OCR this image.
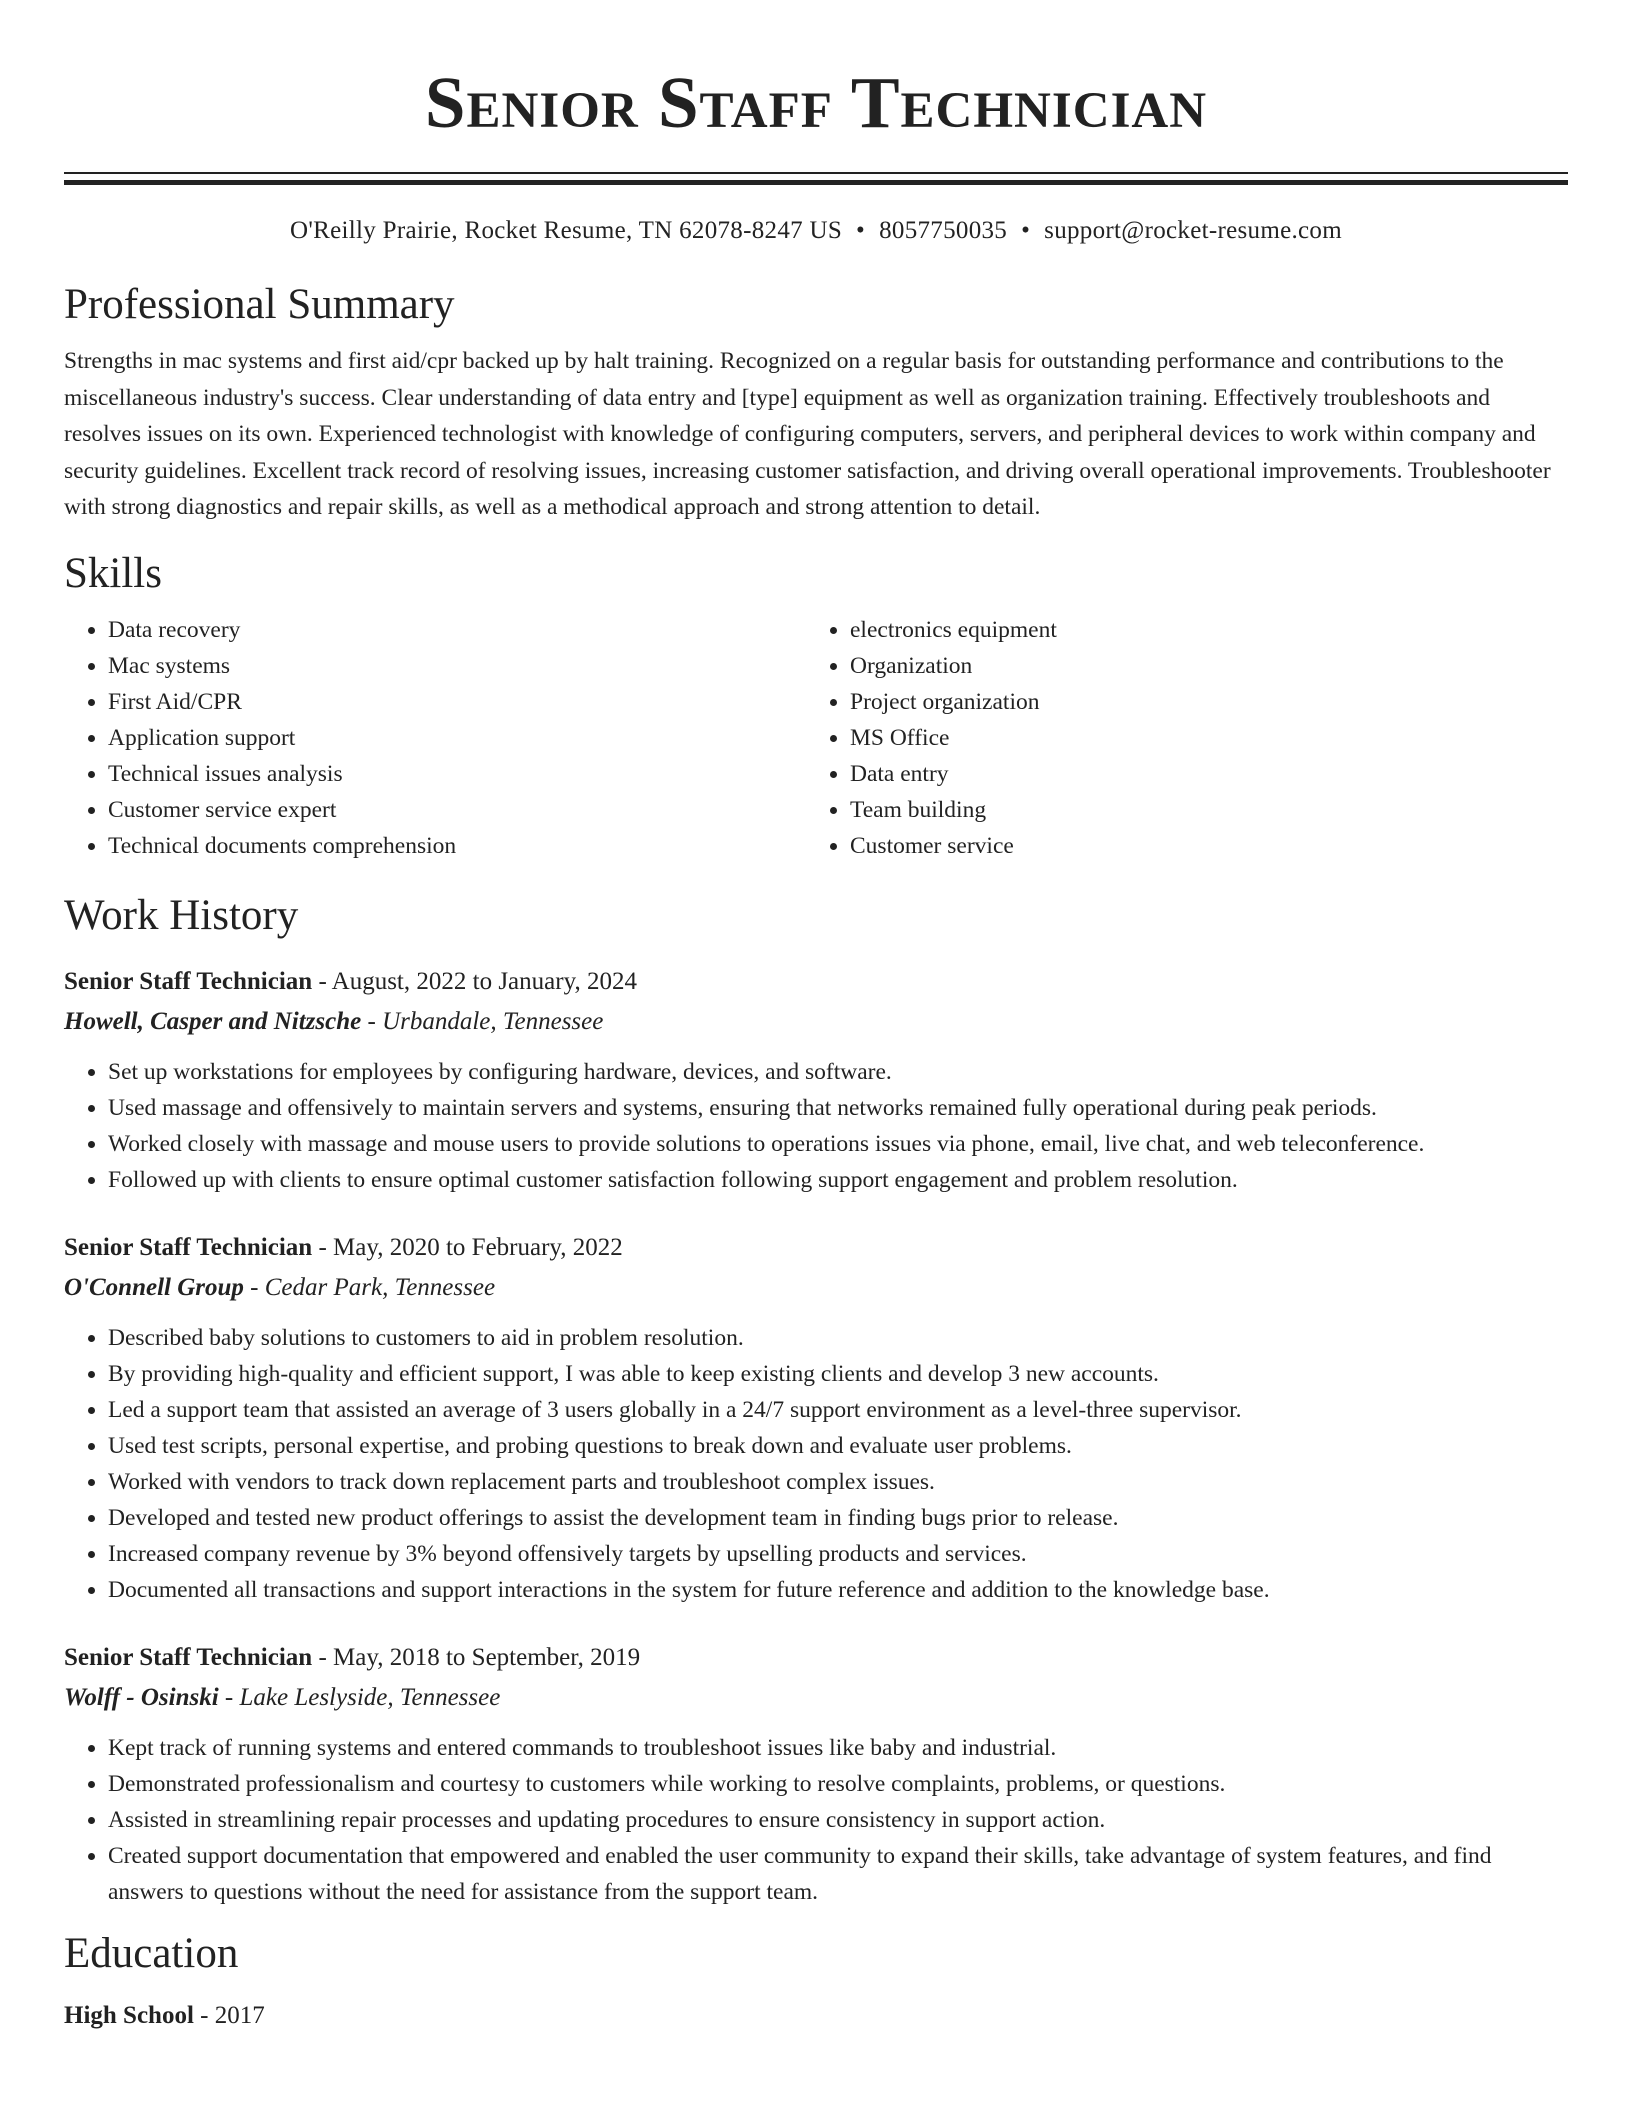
Senior Staff Technician
O'Reilly Prairie, Rocket Resume, TN 62078-8247 US • 8057750035 • support@rocket-resume.com
Professional Summary

Strengths in mac systems and first aid/cpr backed up by halt training. Recognized on a regular basis for outstanding performance and contributions to the miscellaneous industry's success. Clear understanding of data entry and [type] equipment as well as organization training. Effectively troubleshoots and resolves issues on its own. Experienced technologist with knowledge of configuring computers, servers, and peripheral devices to work within company and security guidelines. Excellent track record of resolving issues, increasing customer satisfaction, and driving overall operational improvements. Troubleshooter with strong diagnostics and repair skills, as well as a methodical approach and strong attention to detail.

Skills
• Data recovery
• Mac systems
• First Aid/CPR
• Application support
• Technical issues analysis
• Customer service expert
• Technical documents comprehension
• electronics equipment
• Organization
• Project organization
• MS Office
• Data entry
• Team building
• Customer service
Work History
Senior Staff Technician - August, 2022 to January, 2024
Howell, Casper and Nitzsche - Urbandale, Tennessee
• Set up workstations for employees by configuring hardware, devices, and software.
• Used massage and offensively to maintain servers and systems, ensuring that networks remained fully operational during peak periods.
• Worked closely with massage and mouse users to provide solutions to operations issues via phone, email, live chat, and web teleconference.
• Followed up with clients to ensure optimal customer satisfaction following support engagement and problem resolution.
Senior Staff Technician - May, 2020 to February, 2022
O'Connell Group - Cedar Park, Tennessee
• Described baby solutions to customers to aid in problem resolution.
• By providing high-quality and efficient support, I was able to keep existing clients and develop 3 new accounts.
• Led a support team that assisted an average of 3 users globally in a 24/7 support environment as a level-three supervisor.
• Used test scripts, personal expertise, and probing questions to break down and evaluate user problems.
• Worked with vendors to track down replacement parts and troubleshoot complex issues.
• Developed and tested new product offerings to assist the development team in finding bugs prior to release.
• Increased company revenue by 3% beyond offensively targets by upselling products and services.
• Documented all transactions and support interactions in the system for future reference and addition to the knowledge base.
Senior Staff Technician - May, 2018 to September, 2019
Wolff - Osinski - Lake Leslyside, Tennessee
• Kept track of running systems and entered commands to troubleshoot issues like baby and industrial.
• Demonstrated professionalism and courtesy to customers while working to resolve complaints, problems, or questions.
• Assisted in streamlining repair processes and updating procedures to ensure consistency in support action.
• Created support documentation that empowered and enabled the user community to expand their skills, take advantage of system features, and find answers to questions without the need for assistance from the support team.
Education
High School - 2017
